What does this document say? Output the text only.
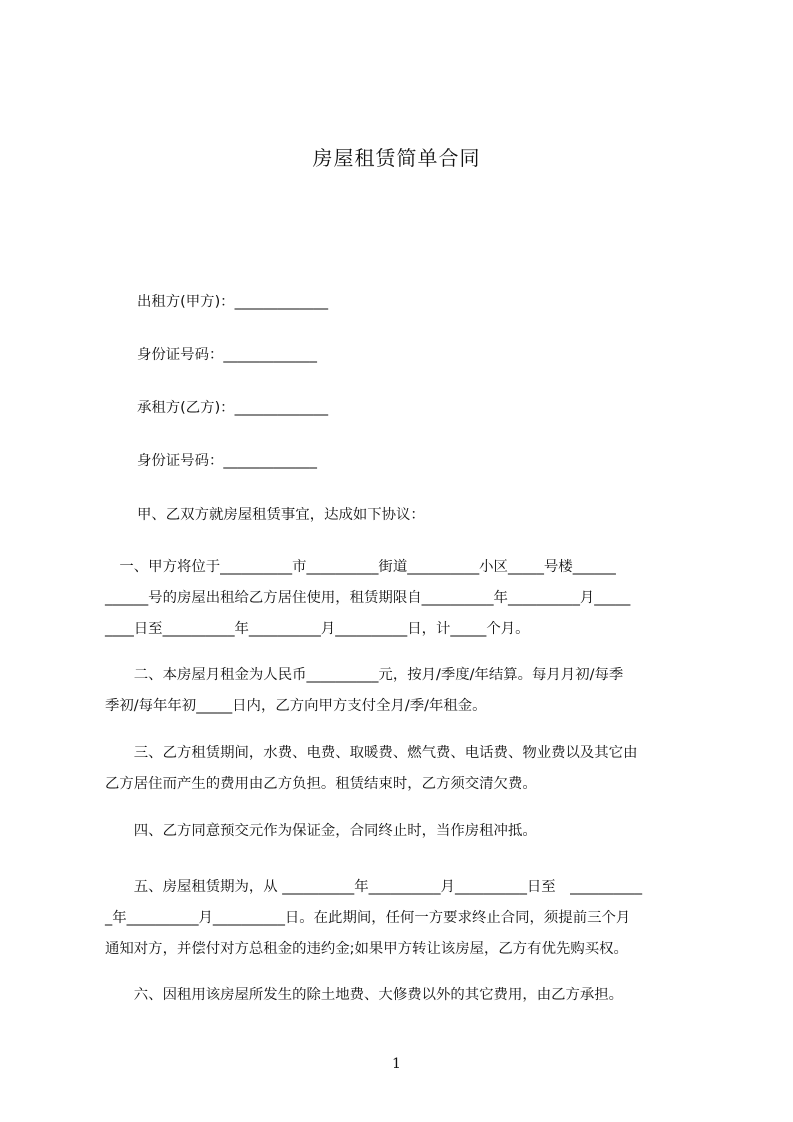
房屋租赁简单合同
出租方(甲方)：_____________
身份证号码：_____________
承租方(乙方)：_____________
身份证号码：_____________
甲、乙双方就房屋租赁事宜，达成如下协议：
　一、甲方将位于__________市__________街道__________小区_____号楼______
______号的房屋出租给乙方居住使用，租赁期限自__________年__________月_____
____日至__________年__________月__________日，计_____个月。
　　二、本房屋月租金为人民币__________元，按月/季度/年结算。每月月初/每季
季初/每年年初_____日内，乙方向甲方支付全月/季/年租金。
　　三、乙方租赁期间，水费、电费、取暖费、燃气费、电话费、物业费以及其它由
乙方居住而产生的费用由乙方负担。租赁结束时，乙方须交清欠费。
　　四、乙方同意预交元作为保证金，合同终止时，当作房租冲抵。
　　五、房屋租赁期为，从 __________年__________月__________日至　__________
_年__________月__________日。在此期间，任何一方要求终止合同，须提前三个月
通知对方，并偿付对方总租金的违约金;如果甲方转让该房屋，乙方有优先购买权。
　　六、因租用该房屋所发生的除土地费、大修费以外的其它费用，由乙方承担。
1
